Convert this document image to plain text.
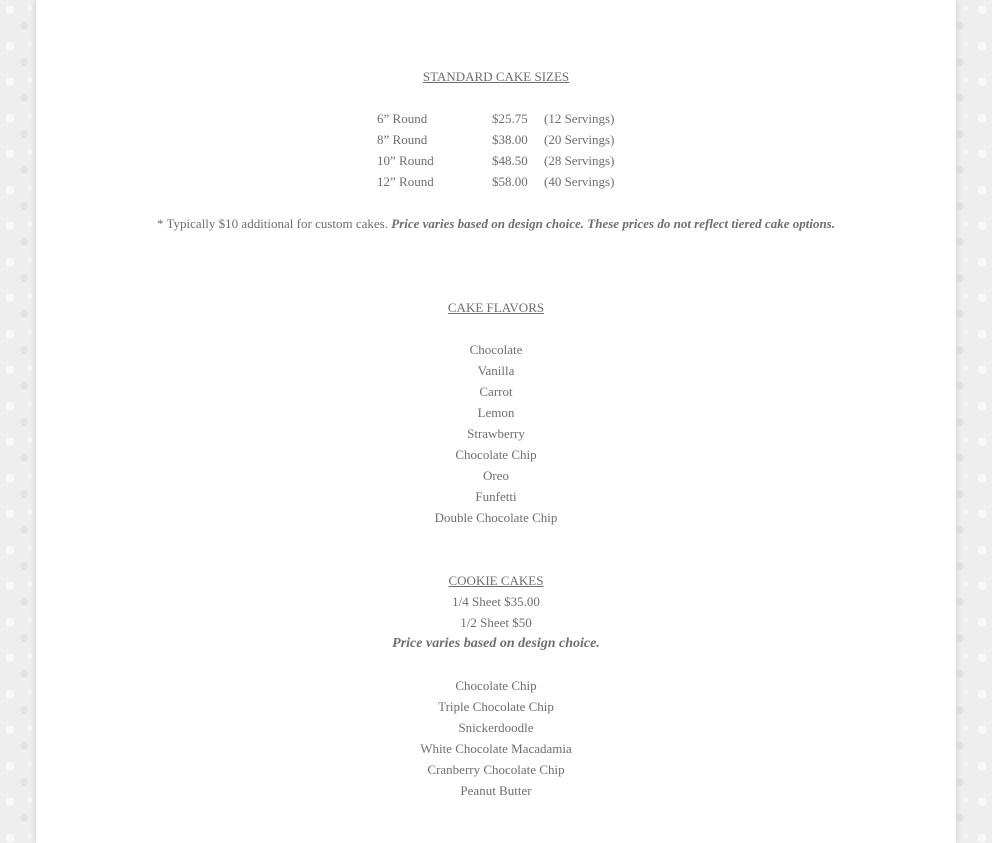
STANDARD CAKE SIZES
6” Round	$25.75 (12 Servings)
8” Round	$38.00 (20 Servings)
10” Round	$48.50 (28 Servings)
12” Round	$58.00 (40 Servings)
* Typically $10 additional for custom cakes. Price varies based on design choice. These prices do not reflect tiered cake options.
CAKE FLAVORS
Chocolate
Vanilla
Carrot
Lemon
Strawberry
Chocolate Chip
Oreo
Funfetti
Double Chocolate Chip
COOKIE CAKES
1/4 Sheet $35.00
1/2 Sheet $50
Price varies based on design choice.
Chocolate Chip
Triple Chocolate Chip
Snickerdoodle
White Chocolate Macadamia
Cranberry Chocolate Chip
Peanut Butter
